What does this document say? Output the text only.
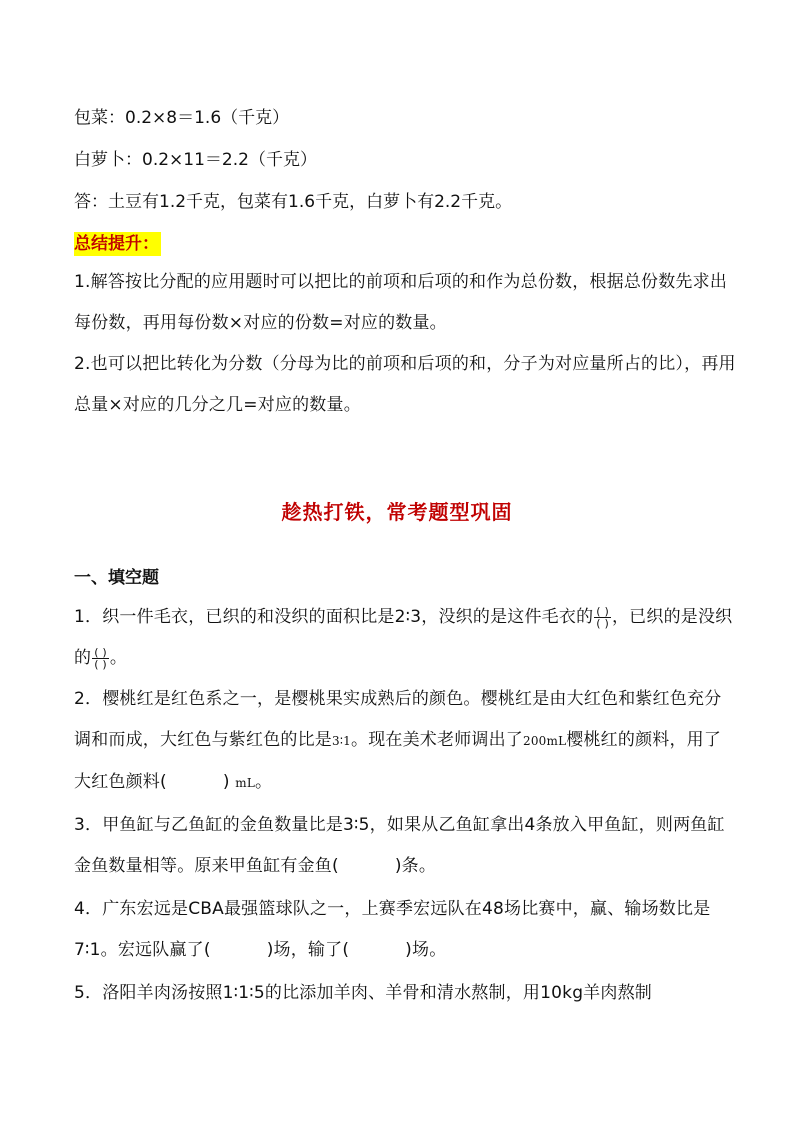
包菜：0.2×8＝1.6（千克）
白萝卜：0.2×11＝2.2（千克）
答：土豆有1.2千克，包菜有1.6千克，白萝卜有2.2千克。
总结提升：
1.解答按比分配的应用题时可以把比的前项和后项的和作为总份数，根据总份数先求出每份数，再用每份数×对应的份数=对应的数量。
2.也可以把比转化为分数（分母为比的前项和后项的和，分子为对应量所占的比），再用总量×对应的几分之几=对应的数量。
趁热打铁，常考题型巩固
一、填空题
1．织一件毛衣，已织的和没织的面积比是2∶3，没织的是这件毛衣的 $\frac{( )}{( )}$ ，已织的是没织的 $\frac{( )}{( )}$ 。
2．樱桃红是红色系之一，是樱桃果实成熟后的颜色。樱桃红是由大红色和紫红色充分调和而成，大红色与紫红色的比是3∶1。现在美术老师调出了200mL樱桃红的颜料，用了大红色颜料(	) mL。
3．甲鱼缸与乙鱼缸的金鱼数量比是3∶5，如果从乙鱼缸拿出4条放入甲鱼缸，则两鱼缸金鱼数量相等。原来甲鱼缸有金鱼(	)条。
4．广东宏远是CBA最强篮球队之一，上赛季宏远队在48场比赛中，赢、输场数比是7∶1。宏远队赢了(	)场，输了(	)场。
5．洛阳羊肉汤按照1∶1∶5的比添加羊肉、羊骨和清水熬制，用10kg羊肉熬制
